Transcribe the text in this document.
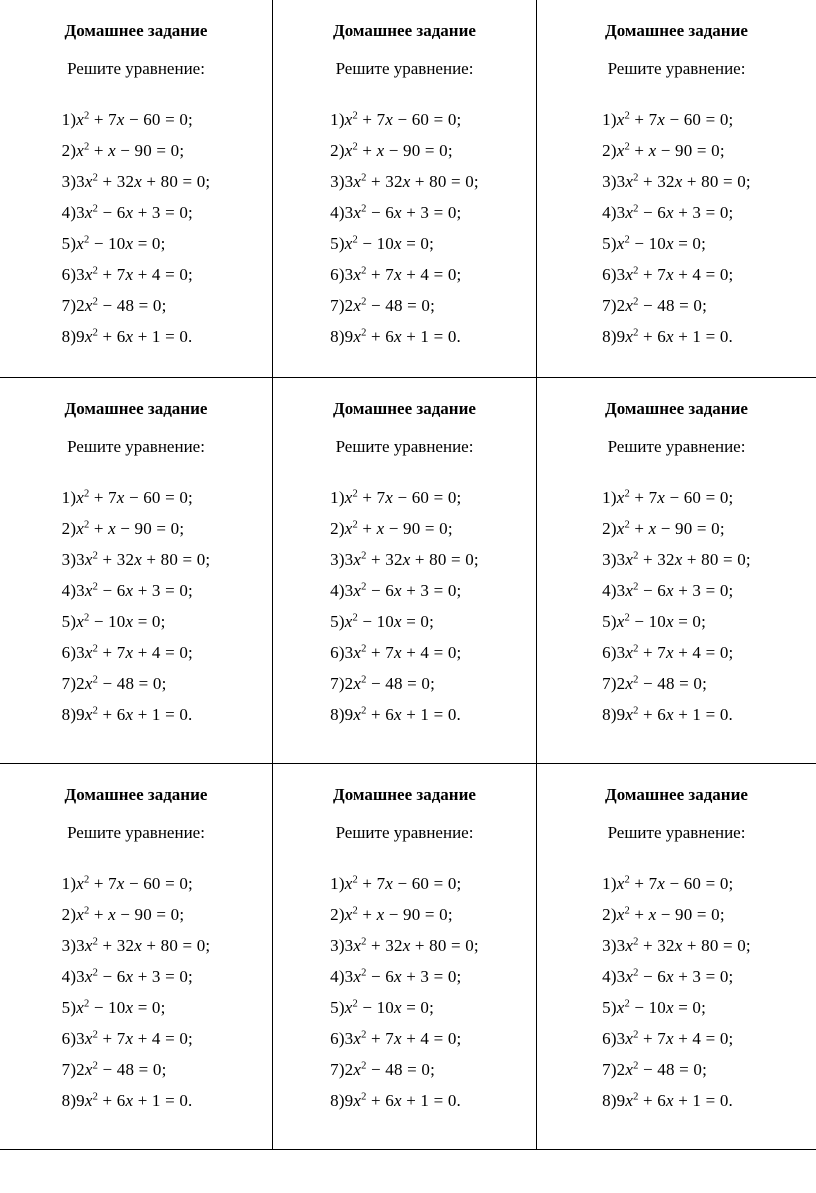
Домашнее задание
Решите уравнение:
$1)x^2 + 7x - 60 = 0$;
$2)x^2 + x - 90 = 0$;
$3)3x^2 + 32x + 80 = 0$;
$4)3x^2 - 6x + 3 = 0$;
$5)x^2 - 10x = 0$;
$6)3x^2 + 7x + 4 = 0$;
$7)2x^2 - 48 = 0$;
$8)9x^2 + 6x + 1 = 0$.
Домашнее задание
Решите уравнение:
$1)x^2 + 7x - 60 = 0$;
$2)x^2 + x - 90 = 0$;
$3)3x^2 + 32x + 80 = 0$;
$4)3x^2 - 6x + 3 = 0$;
$5)x^2 - 10x = 0$;
$6)3x^2 + 7x + 4 = 0$;
$7)2x^2 - 48 = 0$;
$8)9x^2 + 6x + 1 = 0$.
Домашнее задание
Решите уравнение:
$1)x^2 + 7x - 60 = 0$;
$2)x^2 + x - 90 = 0$;
$3)3x^2 + 32x + 80 = 0$;
$4)3x^2 - 6x + 3 = 0$;
$5)x^2 - 10x = 0$;
$6)3x^2 + 7x + 4 = 0$;
$7)2x^2 - 48 = 0$;
$8)9x^2 + 6x + 1 = 0$.
Домашнее задание
Решите уравнение:
$1)x^2 + 7x - 60 = 0$;
$2)x^2 + x - 90 = 0$;
$3)3x^2 + 32x + 80 = 0$;
$4)3x^2 - 6x + 3 = 0$;
$5)x^2 - 10x = 0$;
$6)3x^2 + 7x + 4 = 0$;
$7)2x^2 - 48 = 0$;
$8)9x^2 + 6x + 1 = 0$.
Домашнее задание
Решите уравнение:
$1)x^2 + 7x - 60 = 0$;
$2)x^2 + x - 90 = 0$;
$3)3x^2 + 32x + 80 = 0$;
$4)3x^2 - 6x + 3 = 0$;
$5)x^2 - 10x = 0$;
$6)3x^2 + 7x + 4 = 0$;
$7)2x^2 - 48 = 0$;
$8)9x^2 + 6x + 1 = 0$.
Домашнее задание
Решите уравнение:
$1)x^2 + 7x - 60 = 0$;
$2)x^2 + x - 90 = 0$;
$3)3x^2 + 32x + 80 = 0$;
$4)3x^2 - 6x + 3 = 0$;
$5)x^2 - 10x = 0$;
$6)3x^2 + 7x + 4 = 0$;
$7)2x^2 - 48 = 0$;
$8)9x^2 + 6x + 1 = 0$.
Домашнее задание
Решите уравнение:
$1)x^2 + 7x - 60 = 0$;
$2)x^2 + x - 90 = 0$;
$3)3x^2 + 32x + 80 = 0$;
$4)3x^2 - 6x + 3 = 0$;
$5)x^2 - 10x = 0$;
$6)3x^2 + 7x + 4 = 0$;
$7)2x^2 - 48 = 0$;
$8)9x^2 + 6x + 1 = 0$.
Домашнее задание
Решите уравнение:
$1)x^2 + 7x - 60 = 0$;
$2)x^2 + x - 90 = 0$;
$3)3x^2 + 32x + 80 = 0$;
$4)3x^2 - 6x + 3 = 0$;
$5)x^2 - 10x = 0$;
$6)3x^2 + 7x + 4 = 0$;
$7)2x^2 - 48 = 0$;
$8)9x^2 + 6x + 1 = 0$.
Домашнее задание
Решите уравнение:
$1)x^2 + 7x - 60 = 0$;
$2)x^2 + x - 90 = 0$;
$3)3x^2 + 32x + 80 = 0$;
$4)3x^2 - 6x + 3 = 0$;
$5)x^2 - 10x = 0$;
$6)3x^2 + 7x + 4 = 0$;
$7)2x^2 - 48 = 0$;
$8)9x^2 + 6x + 1 = 0$.
